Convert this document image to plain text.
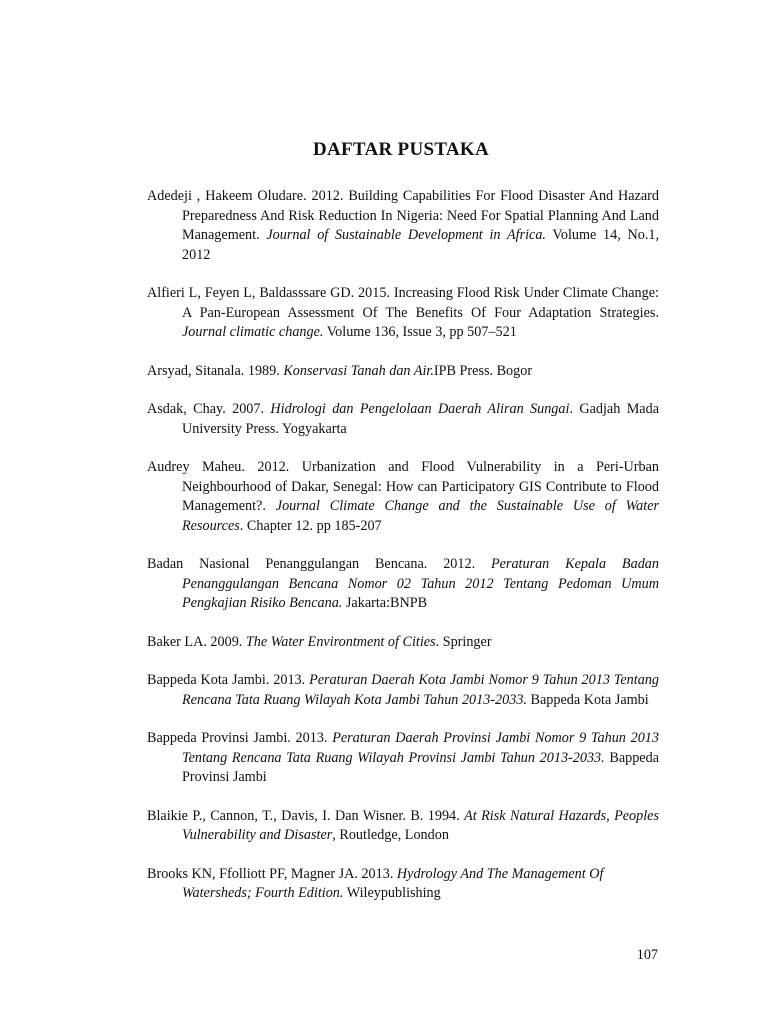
DAFTAR PUSTAKA

Adedeji , Hakeem Oludare. 2012. Building Capabilities For Flood Disaster And Hazard Preparedness And Risk Reduction In Nigeria: Need For Spatial Planning And Land Management. Journal of Sustainable Development in Africa. Volume 14, No.1, 2012

Alfieri L, Feyen L, Baldasssare GD. 2015. Increasing Flood Risk Under Climate Change: A Pan-European Assessment Of The Benefits Of Four Adaptation Strategies. Journal climatic change. Volume 136, Issue 3, pp 507–521

Arsyad, Sitanala. 1989. Konservasi Tanah dan Air.IPB Press. Bogor

Asdak, Chay. 2007. Hidrologi dan Pengelolaan Daerah Aliran Sungai. Gadjah Mada University Press. Yogyakarta

Audrey Maheu. 2012. Urbanization and Flood Vulnerability in a Peri-Urban Neighbourhood of Dakar, Senegal: How can Participatory GIS Contribute to Flood Management?. Journal Climate Change and the Sustainable Use of Water Resources. Chapter 12. pp 185-207

Badan Nasional Penanggulangan Bencana. 2012. Peraturan Kepala Badan Penanggulangan Bencana Nomor 02 Tahun 2012 Tentang Pedoman Umum Pengkajian Risiko Bencana. Jakarta:BNPB

Baker LA. 2009. The Water Environtment of Cities. Springer

Bappeda Kota Jambi. 2013. Peraturan Daerah Kota Jambi Nomor 9 Tahun 2013 Tentang Rencana Tata Ruang Wilayah Kota Jambi Tahun 2013-2033. Bappeda Kota Jambi

Bappeda Provinsi Jambi. 2013. Peraturan Daerah Provinsi Jambi Nomor 9 Tahun 2013 Tentang Rencana Tata Ruang Wilayah Provinsi Jambi Tahun 2013-2033. Bappeda Provinsi Jambi

Blaikie P., Cannon, T., Davis, I. Dan Wisner. B. 1994. At Risk Natural Hazards, Peoples Vulnerability and Disaster, Routledge, London

Brooks KN, Ffolliott PF, Magner JA. 2013. Hydrology And The Management Of Watersheds; Fourth Edition. Wileypublishing

107
